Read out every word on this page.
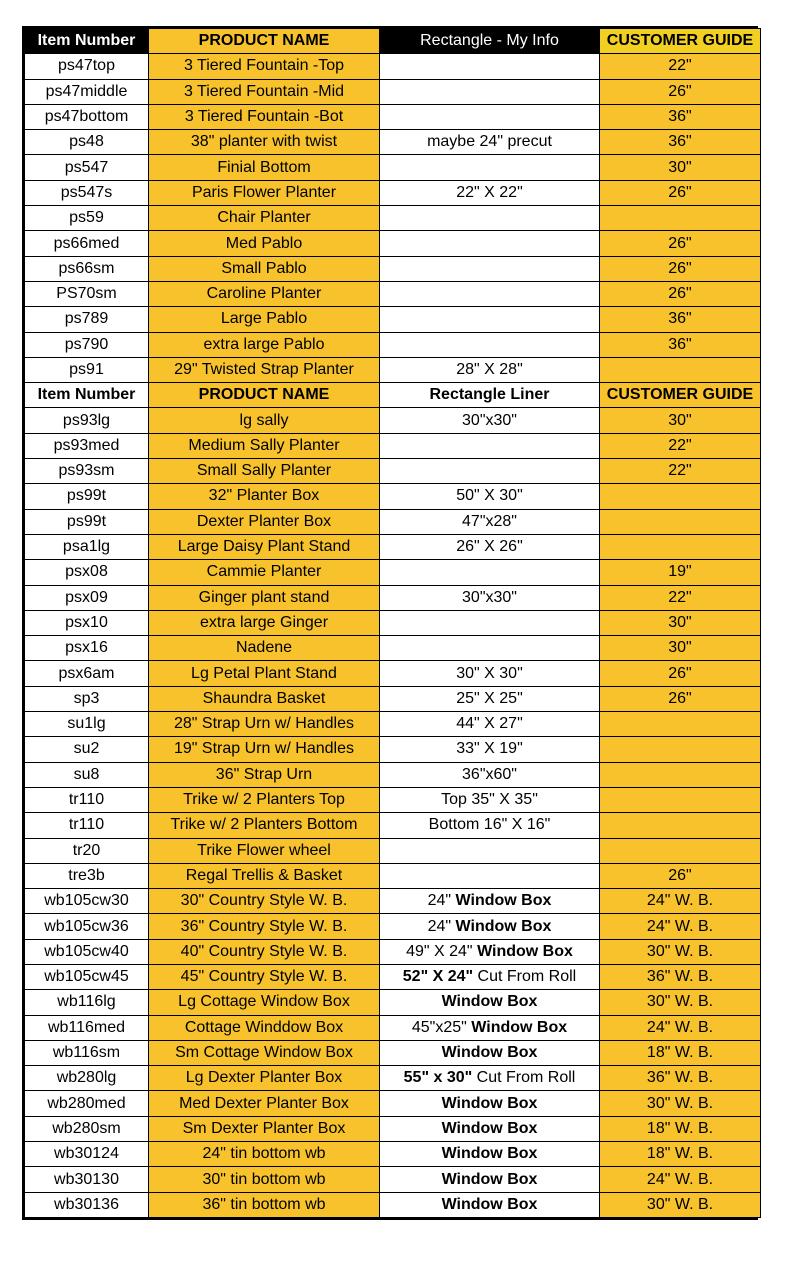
Item Number	PRODUCT NAME	Rectangle - My Info	CUSTOMER GUIDE
ps47top	3 Tiered Fountain -Top		22"
ps47middle	3 Tiered Fountain -Mid		26"
ps47bottom	3 Tiered Fountain -Bot		36"
ps48	38" planter with twist	maybe 24" precut	36"
ps547	Finial Bottom		30"
ps547s	Paris Flower Planter	22" X 22"	26"
ps59	Chair Planter		
ps66med	Med Pablo		26"
ps66sm	Small Pablo		26"
PS70sm	Caroline Planter		26"
ps789	Large Pablo		36"
ps790	extra large Pablo		36"
ps91	29" Twisted Strap Planter	28" X 28"	
Item Number	PRODUCT NAME	Rectangle Liner	CUSTOMER GUIDE
ps93lg	lg sally	30"x30"	30"
ps93med	Medium Sally Planter		22"
ps93sm	Small Sally Planter		22"
ps99t	32" Planter Box	50" X 30"	
ps99t	Dexter Planter Box	47"x28"	
psa1lg	Large Daisy Plant Stand	26" X 26"	
psx08	Cammie Planter		19"
psx09	Ginger plant stand	30"x30"	22"
psx10	extra large Ginger		30"
psx16	Nadene		30"
psx6am	Lg Petal Plant Stand	30" X 30"	26"
sp3	Shaundra Basket	25" X 25"	26"
su1lg	28" Strap Urn w/ Handles	44" X 27"	
su2	19" Strap Urn w/ Handles	33" X 19"	
su8	36" Strap Urn	36"x60"	
tr110	Trike w/ 2 Planters Top	Top 35" X 35"	
tr110	Trike w/ 2 Planters Bottom	Bottom 16" X 16"	
tr20	Trike Flower wheel		
tre3b	Regal Trellis & Basket		26"
wb105cw30	30" Country Style W. B.	24" Window Box	24" W. B.
wb105cw36	36" Country Style W. B.	24" Window Box	24" W. B.
wb105cw40	40" Country Style W. B.	49" X 24" Window Box	30" W. B.
wb105cw45	45" Country Style W. B.	52" X 24" Cut From Roll	36" W. B.
wb116lg	Lg Cottage Window Box	Window Box	30" W. B.
wb116med	Cottage Winddow Box	45"x25" Window Box	24" W. B.
wb116sm	Sm Cottage Window Box	Window Box	18" W. B.
wb280lg	Lg Dexter Planter Box	55" x 30" Cut From Roll	36" W. B.
wb280med	Med Dexter Planter Box	Window Box	30" W. B.
wb280sm	Sm Dexter Planter Box	Window Box	18" W. B.
wb30124	24" tin bottom wb	Window Box	18" W. B.
wb30130	30" tin bottom wb	Window Box	24" W. B.
wb30136	36" tin bottom wb	Window Box	30" W. B.
